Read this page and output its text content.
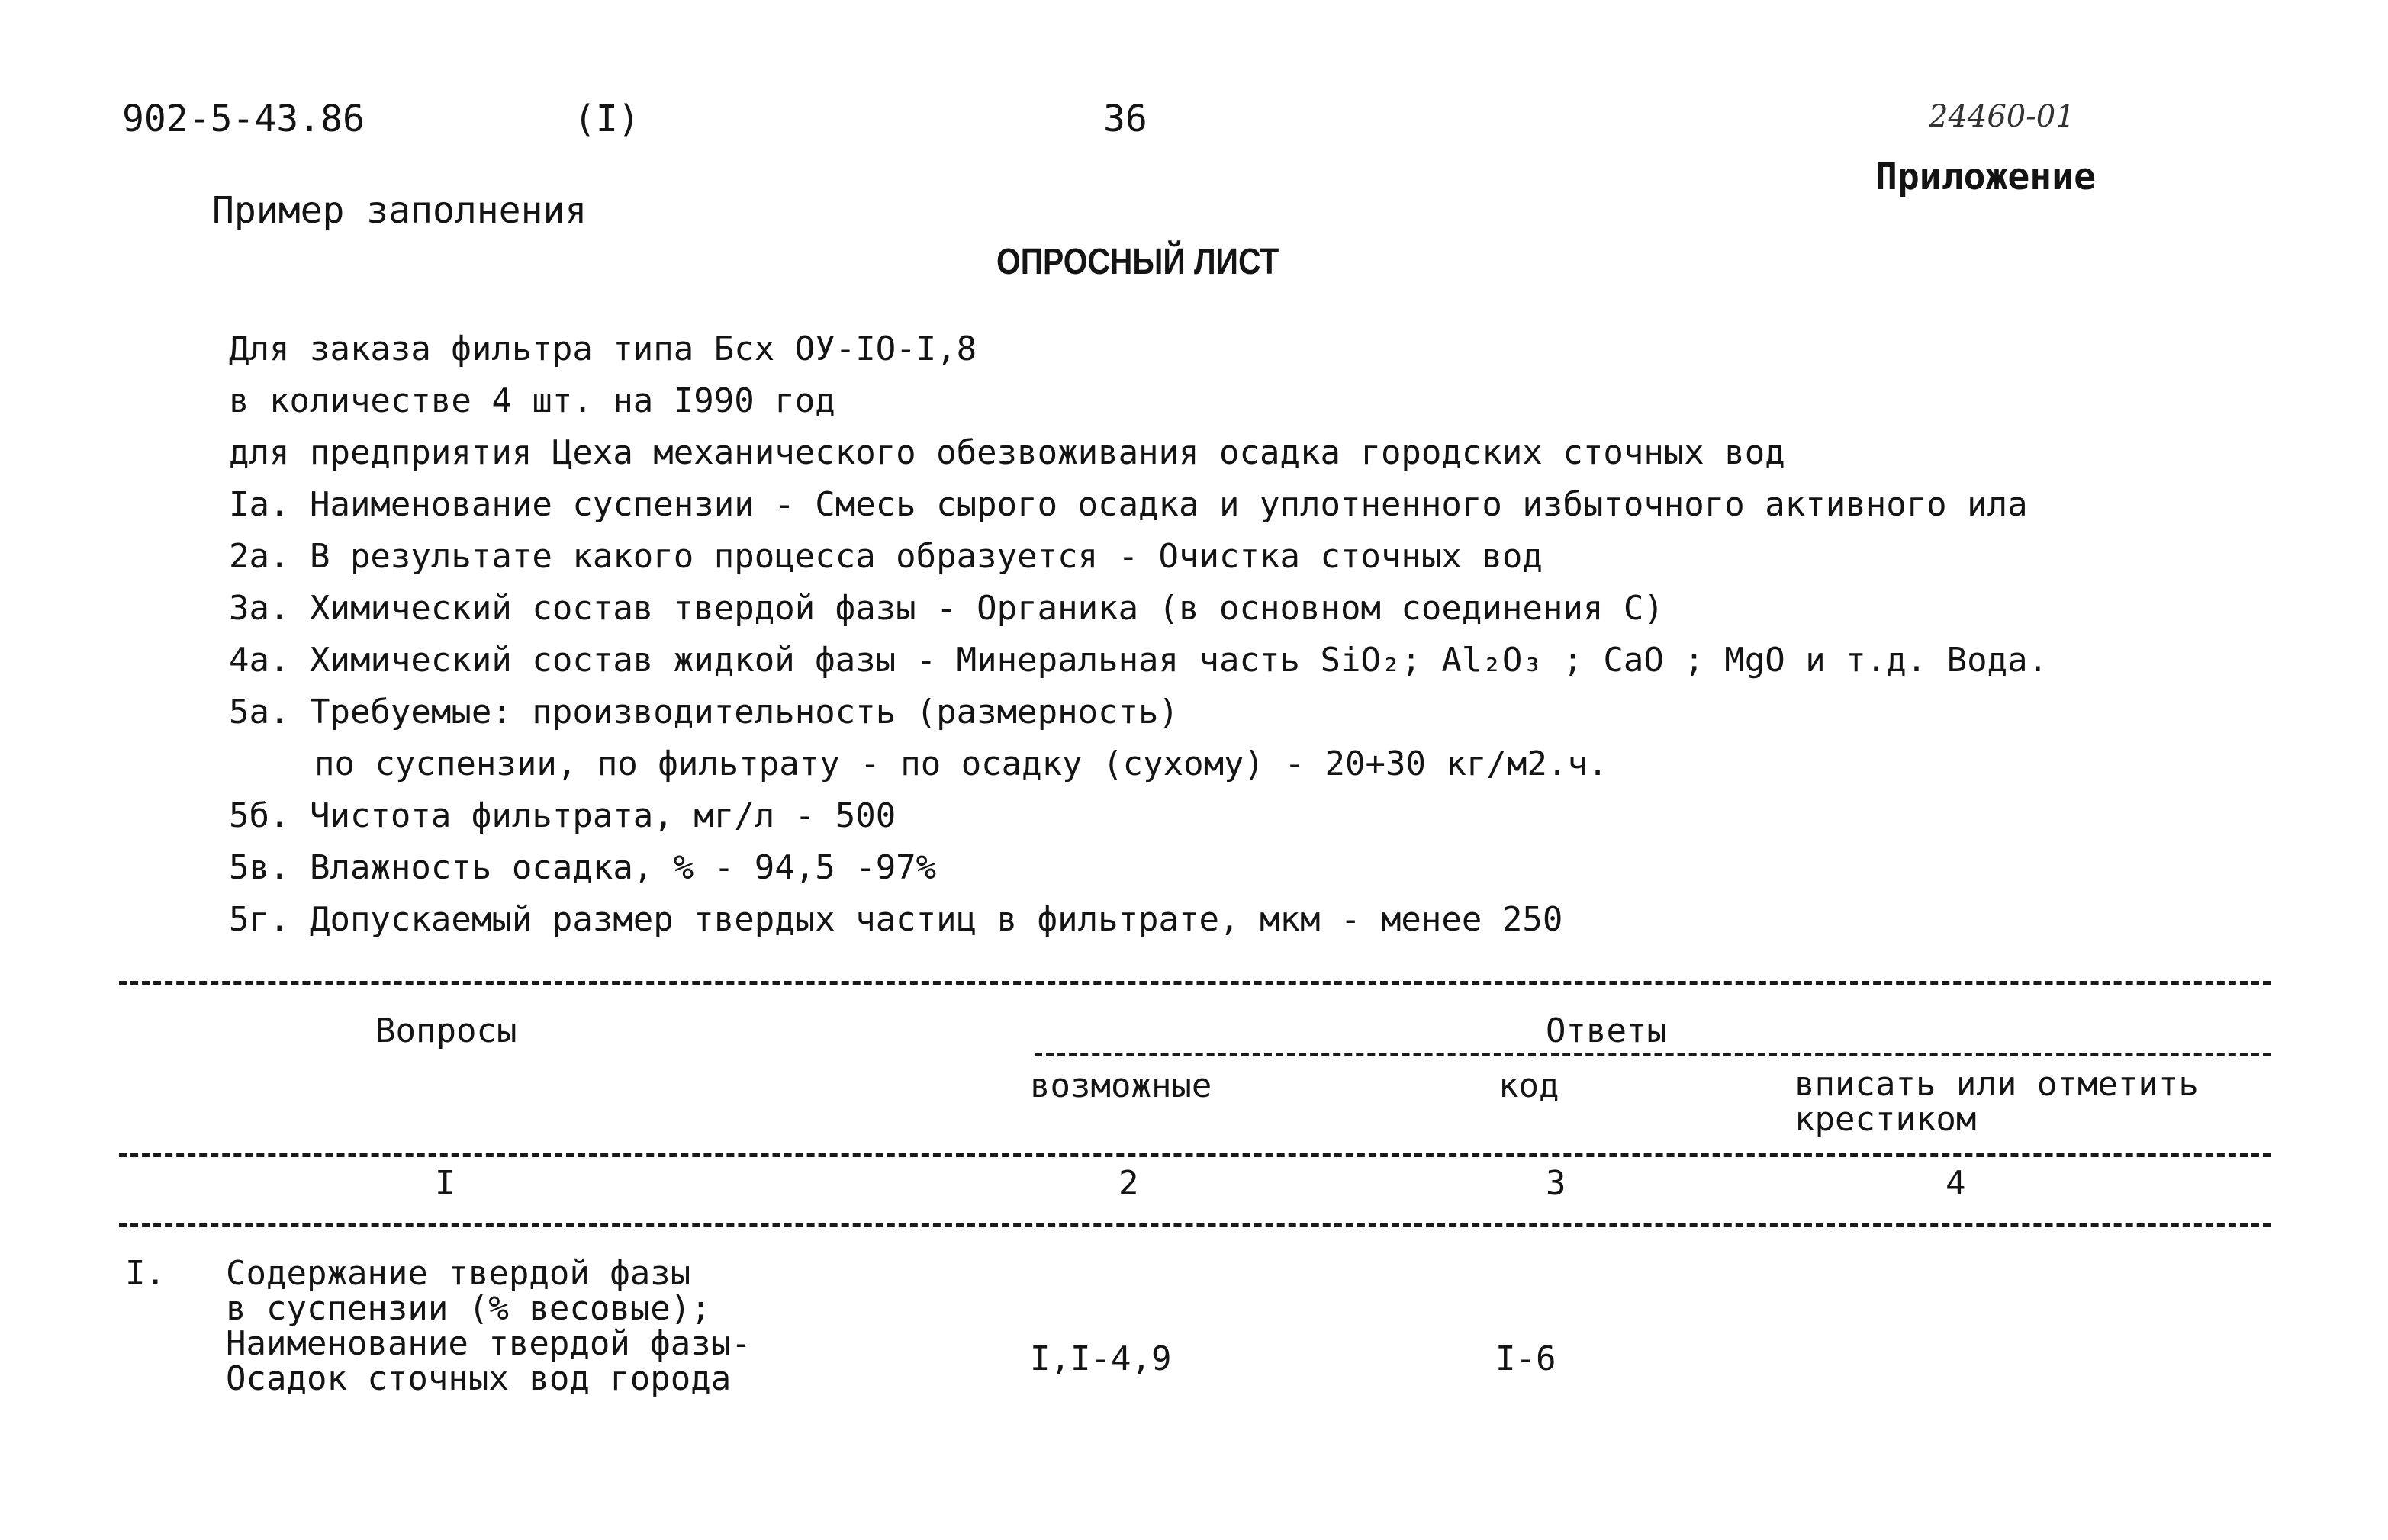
902-5-43.86	(I)	36	24460-01
Приложение
Пример заполнения
ОПРОСНЫЙ ЛИСТ
Для заказа фильтра типа Бсх ОУ-IO-I,8
в количестве 4 шт. на I990 год
для предприятия Цеха механического обезвоживания осадка городских сточных вод
Iа. Наименование суспензии - Смесь сырого осадка и уплотненного избыточного активного ила
2а. В результате какого процесса образуется - Очистка сточных вод
3а. Химический состав твердой фазы - Органика (в основном соединения С)
4а. Химический состав жидкой фазы - Минеральная часть SiO₂; Al₂O₃ ; CaO ; MgO и т.д. Вода.
5а. Требуемые: производительность (размерность)
по суспензии, по фильтрату - по осадку (сухому) - 20+30 кг/м2.ч.
5б. Чистота фильтрата, мг/л - 500
5в. Влажность осадка, % - 94,5 -97%
5г. Допускаемый размер твердых частиц в фильтрате, мкм - менее 250
Вопросы	Ответы
возможные	код	вписать или отметить
крестиком
I	2	3	4
I. Содержание твердой фазы
в суспензии (% весовые);
Наименование твердой фазы-
Осадок сточных вод города
I,I-4,9	I-6
